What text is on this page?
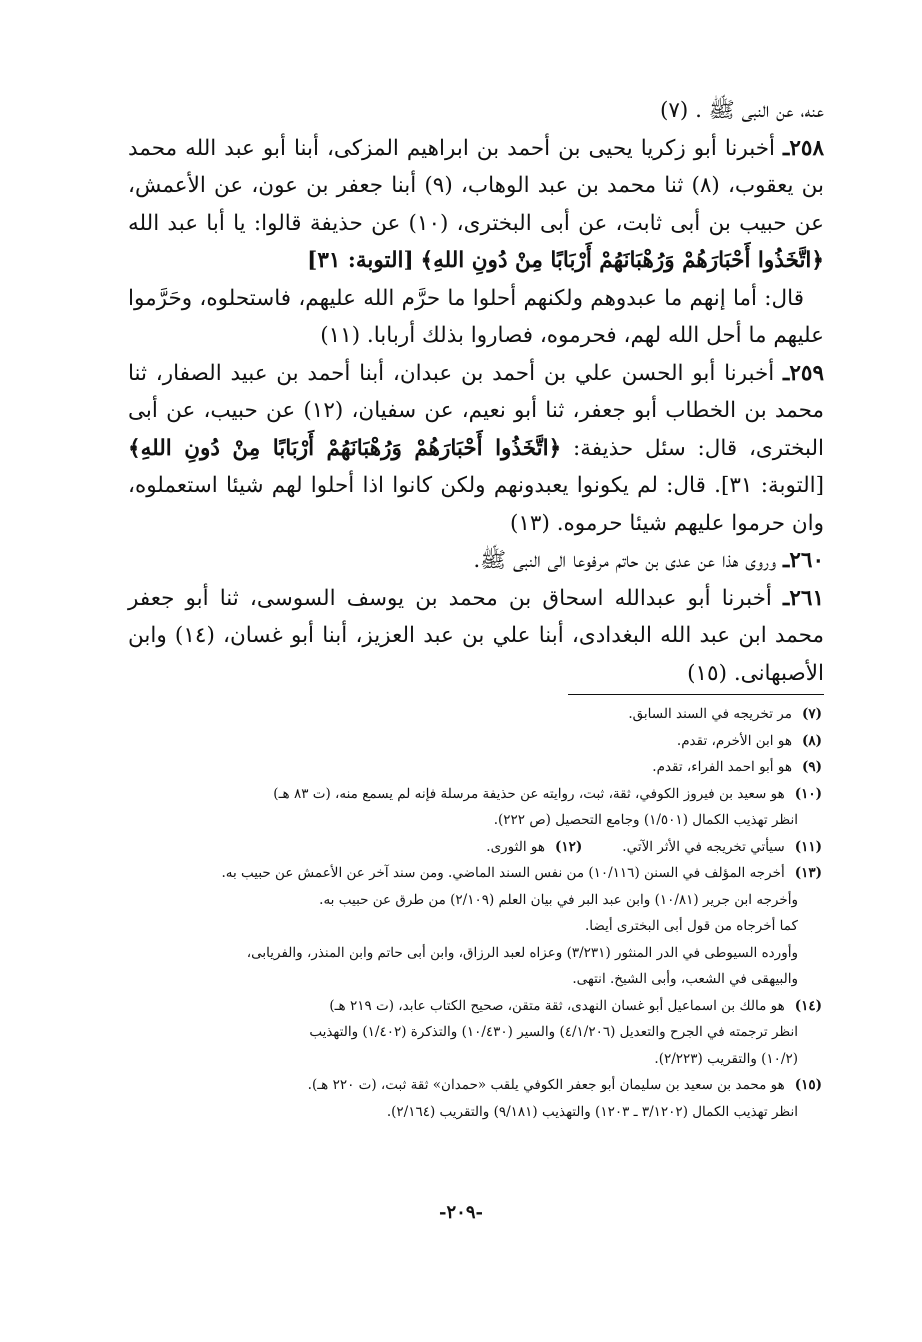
عنه، عن النبى ﷺ . (٧)

٢٥٨ـ أخبرنا أبو زكريا يحيى بن أحمد بن ابراهيم المزكى، أبنا أبو عبد الله محمد بن يعقوب، (٨) ثنا محمد بن عبد الوهاب، (٩) أبنا جعفر بن عون، عن الأعمش، عن حبيب بن أبى ثابت، عن أبى البخترى، (١٠) عن حذيفة قالوا: يا أبا عبد الله ﴿اتَّخَذُوا أَحْبَارَهُمْ وَرُهْبَانَهُمْ أَرْبَابًا مِنْ دُونِ اللهِ﴾ [التوبة: ٣١]

قال: أما إنهم ما عبدوهم ولكنهم أحلوا ما حرَّم الله عليهم، فاستحلوه، وحَرَّموا عليهم ما أحل الله لهم، فحرموه، فصاروا بذلك أربابا. (١١)

٢٥٩ـ أخبرنا أبو الحسن علي بن أحمد بن عبدان، أبنا أحمد بن عبيد الصفار، ثنا محمد بن الخطاب أبو جعفر، ثنا أبو نعيم، عن سفيان، (١٢) عن حبيب، عن أبى البخترى، قال: سئل حذيفة: ﴿اتَّخَذُوا أَحْبَارَهُمْ وَرُهْبَانَهُمْ أَرْبَابًا مِنْ دُونِ اللهِ﴾ [التوبة: ٣١]. قال: لم يكونوا يعبدونهم ولكن كانوا اذا أحلوا لهم شيئا استعملوه، وان حرموا عليهم شيئا حرموه. (١٣)

٢٦٠ـ وروى هذا عن عدى بن حاتم مرفوعا الى النبى ﷺ.

٢٦١ـ أخبرنا أبو عبدالله اسحاق بن محمد بن يوسف السوسى، ثنا أبو جعفر محمد ابن عبد الله البغدادى، أبنا علي بن عبد العزيز، أبنا أبو غسان، (١٤) وابن الأصبهانى. (١٥)

(٧)مر تخريجه في السند السابق.

(٨)هو ابن الأخرم، تقدم.

(٩)هو أبو احمد الفراء، تقدم.

(١٠)هو سعيد بن فيروز الكوفي، ثقة، ثبت، روايته عن حذيفة مرسلة فإنه لم يسمع منه، (ت ٨٣ هـ)

انظر تهذيب الكمال (١/٥٠١) وجامع التحصيل (ص ٢٢٢).

(١١)سيأتي تخريجه في الأثر الآتي.
(١٢)هو الثورى.

(١٣)أخرجه المؤلف في السنن (١٠/١١٦) من نفس السند الماضي. ومن سند آخر عن الأعمش عن حبيب به.

وأخرجه ابن جرير (١٠/٨١) وابن عبد البر في بيان العلم (٢/١٠٩) من طرق عن حبيب به.

كما أخرجاه من قول أبى البخترى أيضا.

وأورده السيوطى في الدر المنثور (٣/٢٣١) وعزاه لعبد الرزاق، وابن أبى حاتم وابن المنذر، والفريابى،

والبيهقى في الشعب، وأبى الشيخ. انتهى.

(١٤)هو مالك بن اسماعيل أبو غسان النهدى، ثقة متقن، صحيح الكتاب عابد، (ت ٢١٩ هـ)

انظر ترجمته في الجرح والتعديل (٤/١/٢٠٦) والسير (١٠/٤٣٠) والتذكرة (١/٤٠٢) والتهذيب

(١٠/٢) والتقريب (٢/٢٢٣).

(١٥)هو محمد بن سعيد بن سليمان أبو جعفر الكوفي يلقب «حمدان» ثقة ثبت، (ت ٢٢٠ هـ).

انظر تهذيب الكمال (٣/١٢٠٢ ـ ١٢٠٣) والتهذيب (٩/١٨١) والتقريب (٢/١٦٤).

-٢٠٩-
